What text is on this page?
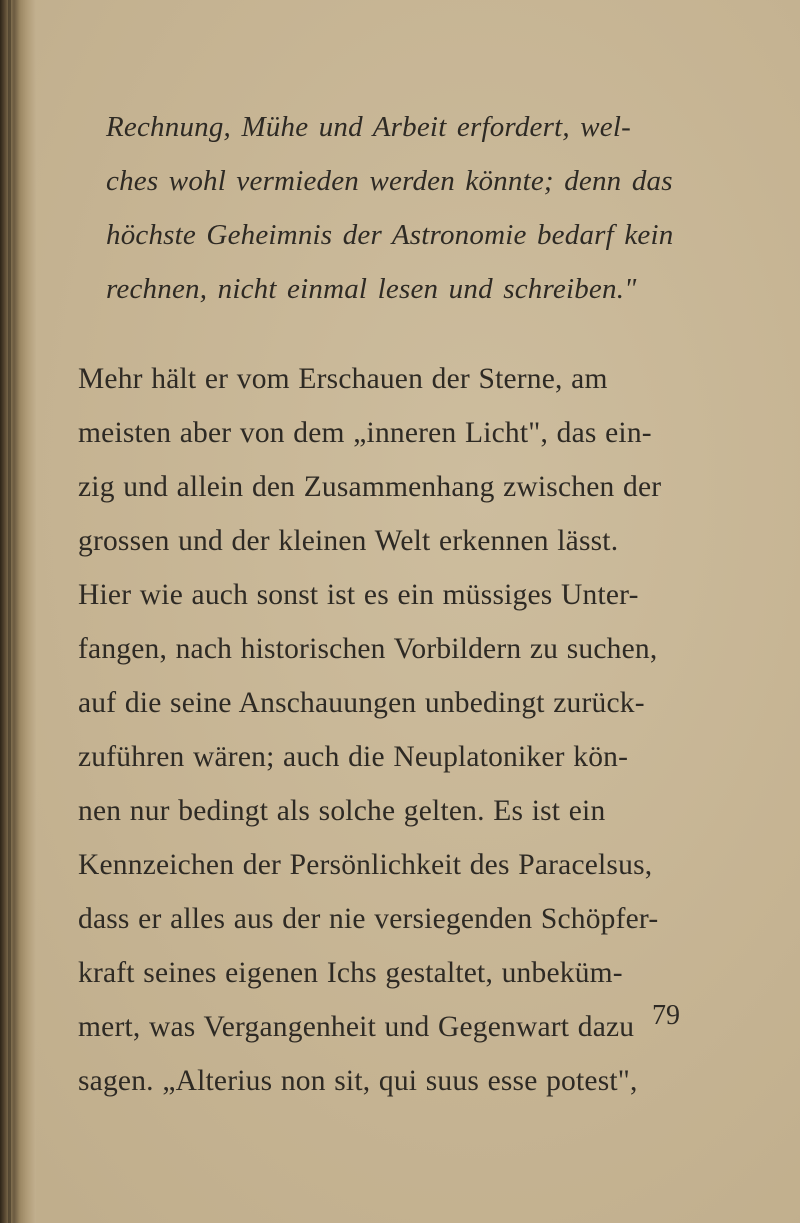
Rechnung, Mühe und Arbeit erfordert, wel-
ches wohl vermieden werden könnte; denn das
höchste Geheimnis der Astronomie bedarf kein
rechnen, nicht einmal lesen und schreiben."
Mehr hält er vom Erschauen der Sterne, am
meisten aber von dem „inneren Licht", das ein-
zig und allein den Zusammenhang zwischen der
grossen und der kleinen Welt erkennen lässt.
Hier wie auch sonst ist es ein müssiges Unter-
fangen, nach historischen Vorbildern zu suchen,
auf die seine Anschauungen unbedingt zurück-
zuführen wären; auch die Neuplatoniker kön-
nen nur bedingt als solche gelten. Es ist ein
Kennzeichen der Persönlichkeit des Paracelsus,
dass er alles aus der nie versiegenden Schöpfer-
kraft seines eigenen Ichs gestaltet, unbeküm-
mert, was Vergangenheit und Gegenwart dazu
sagen. „Alterius non sit, qui suus esse potest",
79
